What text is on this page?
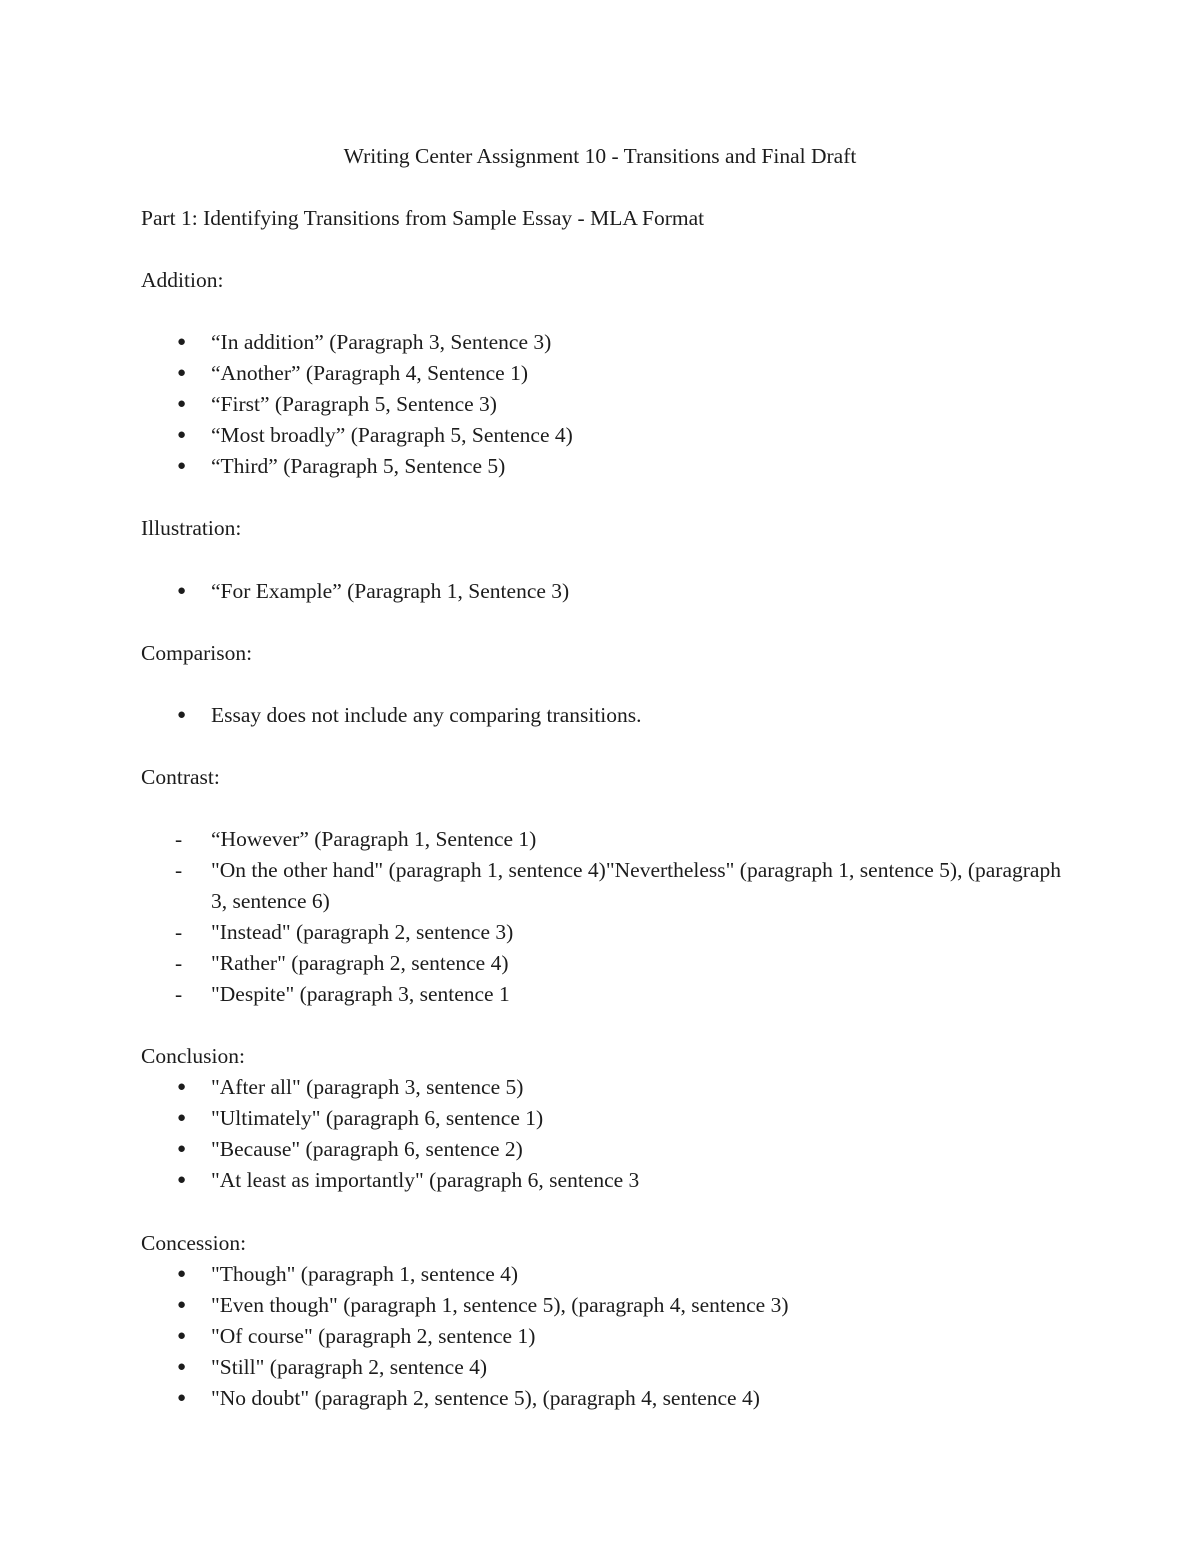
Writing Center Assignment 10 - Transitions and Final Draft
Part 1: Identifying Transitions from Sample Essay - MLA Format
Addition:
● “In addition” (Paragraph 3, Sentence 3)
● “Another” (Paragraph 4, Sentence 1)
● “First” (Paragraph 5, Sentence 3)
● “Most broadly” (Paragraph 5, Sentence 4)
● “Third” (Paragraph 5, Sentence 5)
Illustration:
● “For Example” (Paragraph 1, Sentence 3)
Comparison:
● Essay does not include any comparing transitions.
Contrast:
- “However” (Paragraph 1, Sentence 1)
- "On the other hand" (paragraph 1, sentence 4)"Nevertheless" (paragraph 1, sentence 5), (paragraph 3, sentence 6)
- "Instead" (paragraph 2, sentence 3)
- "Rather" (paragraph 2, sentence 4)
- "Despite" (paragraph 3, sentence 1
Conclusion:
● "After all" (paragraph 3, sentence 5)
● "Ultimately" (paragraph 6, sentence 1)
● "Because" (paragraph 6, sentence 2)
● "At least as importantly" (paragraph 6, sentence 3
Concession:
● "Though" (paragraph 1, sentence 4)
● "Even though" (paragraph 1, sentence 5), (paragraph 4, sentence 3)
● "Of course" (paragraph 2, sentence 1)
● "Still" (paragraph 2, sentence 4)
● "No doubt" (paragraph 2, sentence 5), (paragraph 4, sentence 4)
